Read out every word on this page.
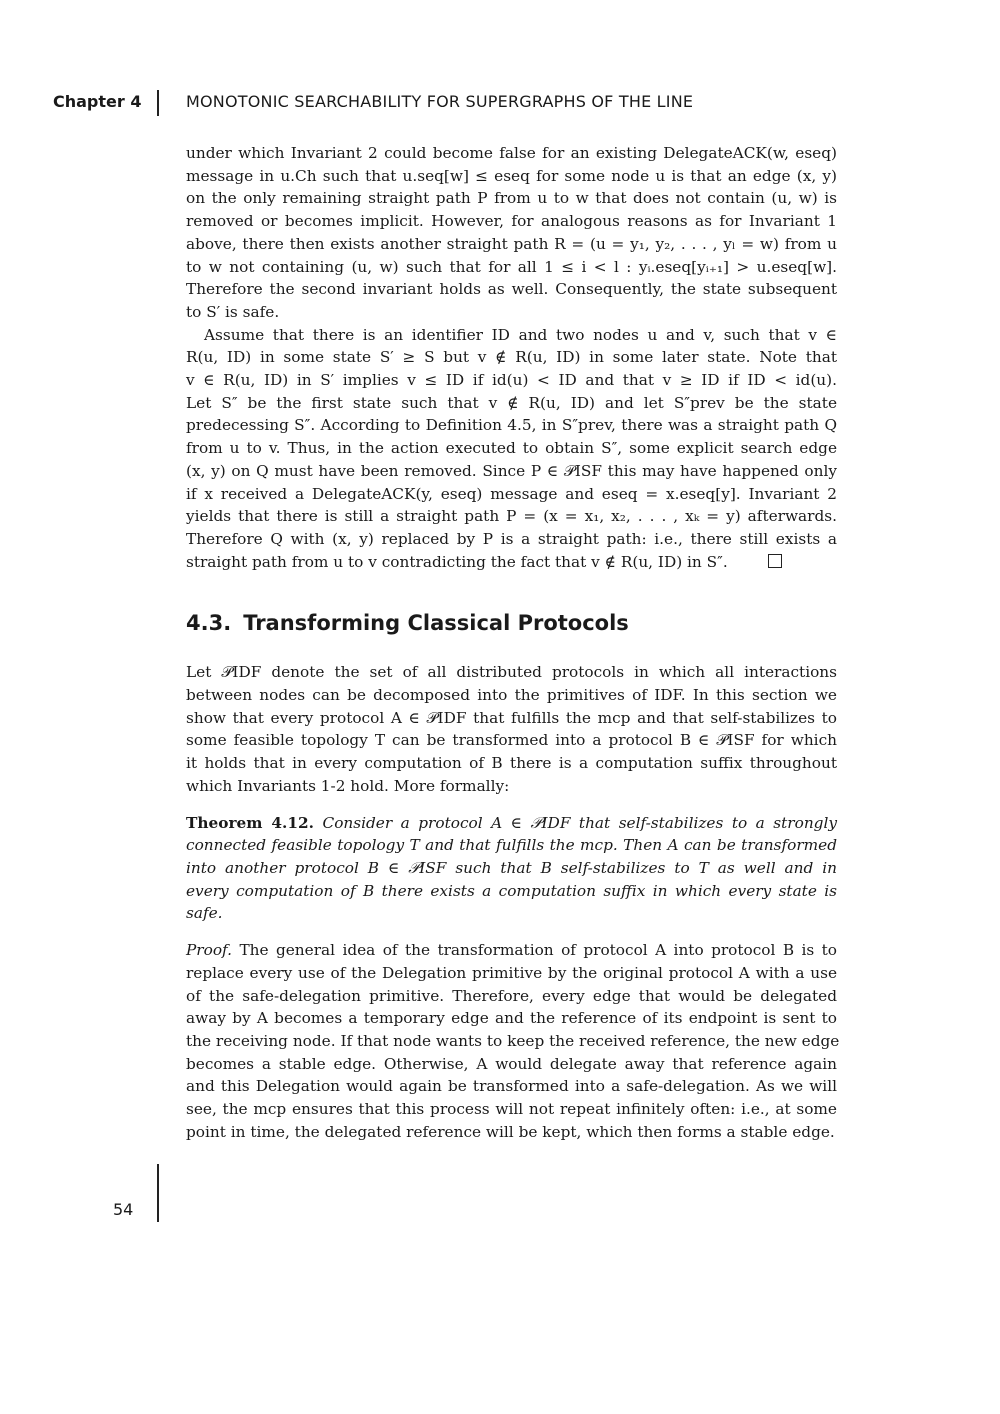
Chapter 4	MONOTONIC SEARCHABILITY FOR SUPERGRAPHS OF THE LINE
under which Invariant 2 could become false for an existing DelegateACK(w, eseq)
message in u.Ch such that u.seq[w] ≤ eseq for some node u is that an edge (x, y)
on the only remaining straight path P from u to w that does not contain (u, w) is
removed or becomes implicit. However, for analogous reasons as for Invariant 1
above, there then exists another straight path R = (u = y₁, y₂, . . . , yₗ = w) from u
to w not containing (u, w) such that for all 1 ≤ i < l : yᵢ.eseq[yᵢ₊₁] > u.eseq[w].
Therefore the second invariant holds as well. Consequently, the state subsequent
to S′ is safe.
Assume that there is an identifier ID and two nodes u and v, such that v ∈
R(u, ID) in some state S′ ≥ S but v ∉ R(u, ID) in some later state. Note that
v ∈ R(u, ID) in S′ implies v ≤ ID if id(u) < ID and that v ≥ ID if ID < id(u).
Let S″ be the first state such that v ∉ R(u, ID) and let S″prev be the state
predecessing S″. According to Definition 4.5, in S″prev, there was a straight path Q
from u to v. Thus, in the action executed to obtain S″, some explicit search edge
(x, y) on Q must have been removed. Since P ∈ 𝒫ISF this may have happened only
if x received a DelegateACK(y, eseq) message and eseq = x.eseq[y]. Invariant 2
yields that there is still a straight path P = (x = x₁, x₂, . . . , xₖ = y) afterwards.
Therefore Q with (x, y) replaced by P is a straight path: i.e., there still exists a
straight path from u to v contradicting the fact that v ∉ R(u, ID) in S″.
4.3. Transforming Classical Protocols
Let 𝒫IDF denote the set of all distributed protocols in which all interactions
between nodes can be decomposed into the primitives of IDF. In this section we
show that every protocol A ∈ 𝒫IDF that fulfills the mcp and that self-stabilizes to
some feasible topology T can be transformed into a protocol B ∈ 𝒫ISF for which
it holds that in every computation of B there is a computation suffix throughout
which Invariants 1-2 hold. More formally:
Theorem 4.12. Consider a protocol A ∈ 𝒫IDF that self-stabilizes to a strongly
connected feasible topology T and that fulfills the mcp. Then A can be transformed
into another protocol B ∈ 𝒫ISF such that B self-stabilizes to T as well and in
every computation of B there exists a computation suffix in which every state is
safe.
Proof. The general idea of the transformation of protocol A into protocol B is to
replace every use of the Delegation primitive by the original protocol A with a use
of the safe-delegation primitive. Therefore, every edge that would be delegated
away by A becomes a temporary edge and the reference of its endpoint is sent to
the receiving node. If that node wants to keep the received reference, the new edge
becomes a stable edge. Otherwise, A would delegate away that reference again
and this Delegation would again be transformed into a safe-delegation. As we will
see, the mcp ensures that this process will not repeat infinitely often: i.e., at some
point in time, the delegated reference will be kept, which then forms a stable edge.
54
